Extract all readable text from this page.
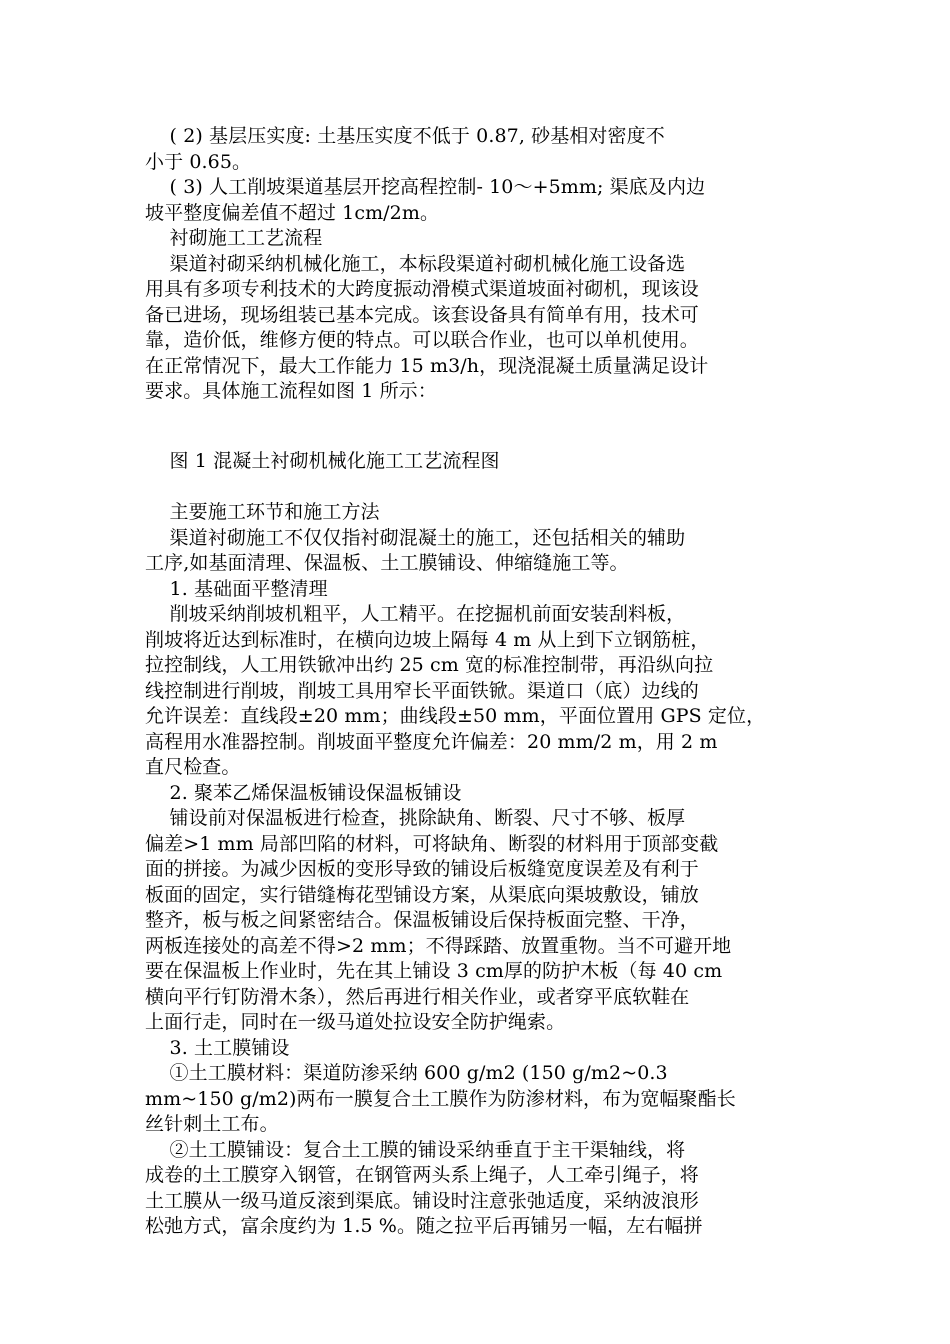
( 2) 基层压实度: 土基压实度不低于 0.87, 砂基相对密度不
小于 0.65。
( 3) 人工削坡渠道基层开挖高程控制- 10～+5mm; 渠底及内边
坡平整度偏差值不超过 1cm/2m。
衬砌施工工艺流程
渠道衬砌采纳机械化施工，本标段渠道衬砌机械化施工设备选
用具有多项专利技术的大跨度振动滑模式渠道坡面衬砌机，现该设
备已进场，现场组装已基本完成。该套设备具有简单有用，技术可
靠，造价低，维修方便的特点。可以联合作业，也可以单机使用。
在正常情况下，最大工作能力 15 m3/h，现浇混凝土质量满足设计
要求。具体施工流程如图 1 所示：
图 1 混凝土衬砌机械化施工工艺流程图
主要施工环节和施工方法
渠道衬砌施工不仅仅指衬砌混凝土的施工，还包括相关的辅助
工序,如基面清理、保温板、土工膜铺设、伸缩缝施工等。
1. 基础面平整清理
削坡采纳削坡机粗平，人工精平。在挖掘机前面安装刮料板，
削坡将近达到标准时，在横向边坡上隔每 4 m 从上到下立钢筋桩，
拉控制线，人工用铁锨冲出约 25 cm 宽的标准控制带，再沿纵向拉
线控制进行削坡，削坡工具用窄长平面铁锨。渠道口（底）边线的
允许误差：直线段±20 mm；曲线段±50 mm，平面位置用 GPS 定位，
高程用水准器控制。削坡面平整度允许偏差：20 mm/2 m，用 2 m
直尺检查。
2. 聚苯乙烯保温板铺设保温板铺设
铺设前对保温板进行检查，挑除缺角、断裂、尺寸不够、板厚
偏差>1 mm 局部凹陷的材料，可将缺角、断裂的材料用于顶部变截
面的拼接。为减少因板的变形导致的铺设后板缝宽度误差及有利于
板面的固定，实行错缝梅花型铺设方案，从渠底向渠坡敷设，铺放
整齐，板与板之间紧密结合。保温板铺设后保持板面完整、干净，
两板连接处的高差不得>2 mm；不得踩踏、放置重物。当不可避开地
要在保温板上作业时，先在其上铺设 3 cm厚的防护木板（每 40 cm
横向平行钉防滑木条），然后再进行相关作业，或者穿平底软鞋在
上面行走，同时在一级马道处拉设安全防护绳索。
3. 土工膜铺设
①土工膜材料：渠道防渗采纳 600 g/m2 (150 g/m2~0.3
mm~150 g/m2)两布一膜复合土工膜作为防渗材料，布为宽幅聚酯长
丝针刺土工布。
②土工膜铺设：复合土工膜的铺设采纳垂直于主干渠轴线，将
成卷的土工膜穿入钢管，在钢管两头系上绳子，人工牵引绳子，将
土工膜从一级马道反滚到渠底。铺设时注意张弛适度，采纳波浪形
松弛方式，富余度约为 1.5 %。随之拉平后再铺另一幅，左右幅拼
